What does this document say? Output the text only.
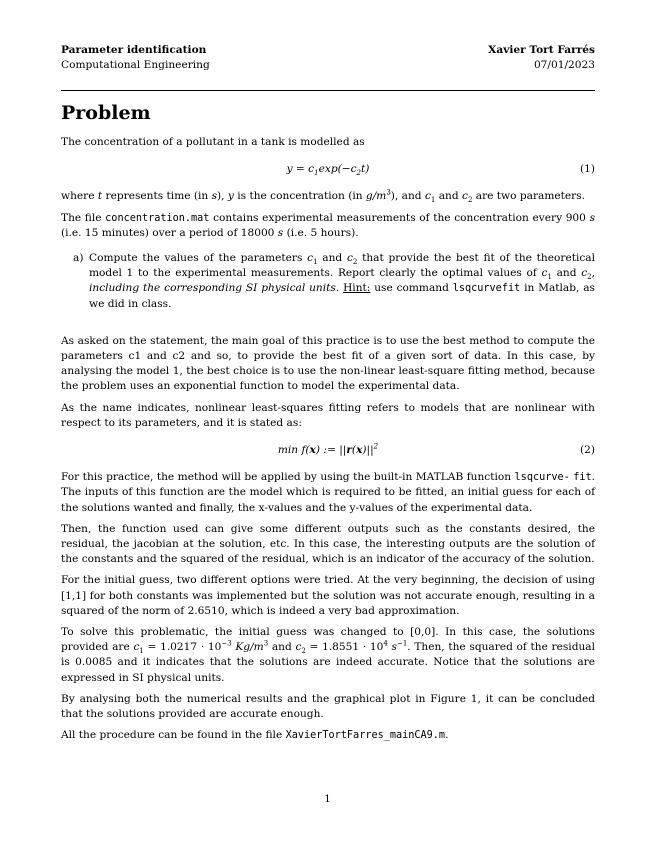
Parameter identification
Computational Engineering
Xavier Tort Farrés
07/01/2023
Problem

The concentration of a pollutant in a tank is modelled as

$y = c_1\exp(-c_2t)$	(1)

where t represents time (in s), y is the concentration (in $g/m^3$), and $c_1$ and $c_2$ are two parameters.

The file concentration.mat contains experimental measurements of the concentration every 900 s (i.e. 15 minutes) over a period of 18000 s (i.e. 5 hours).

a) Compute the values of the parameters $c_1$ and $c_2$ that provide the best fit of the theoretical model 1 to the experimental measurements. Report clearly the optimal values of $c_1$ and $c_2$, including the corresponding SI physical units. Hint: use command lsqcurvefit in Matlab, as we did in class.

As asked on the statement, the main goal of this practice is to use the best method to compute the parameters c1 and c2 and so, to provide the best fit of a given sort of data. In this case, by analysing the model 1, the best choice is to use the non-linear least-square fitting method, because the problem uses an exponential function to model the experimental data.

As the name indicates, nonlinear least-squares fitting refers to models that are nonlinear with respect to its parameters, and it is stated as:

min f(x) := $||r(x)||^2$	(2)

For this practice, the method will be applied by using the built-in MATLAB function lsqcurve- fit. The inputs of this function are the model which is required to be fitted, an initial guess for each of the solutions wanted and finally, the x-values and the y-values of the experimental data.

Then, the function used can give some different outputs such as the constants desired, the residual, the jacobian at the solution, etc. In this case, the interesting outputs are the solution of the constants and the squared of the residual, which is an indicator of the accuracy of the solution.

For the initial guess, two different options were tried. At the very beginning, the decision of using [1,1] for both constants was implemented but the solution was not accurate enough, resulting in a squared of the norm of 2.6510, which is indeed a very bad approximation.

To solve this problematic, the initial guess was changed to [0,0]. In this case, the solutions provided are $c_1 = 1.0217 \cdot 10^{-3}$ $Kg/m^3$ and $c_2 = 1.8551 \cdot 10^4$ $s^{-1}$. Then, the squared of the residual is 0.0085 and it indicates that the solutions are indeed accurate. Notice that the solutions are expressed in SI physical units.

By analysing both the numerical results and the graphical plot in Figure 1, it can be concluded that the solutions provided are accurate enough.

All the procedure can be found in the file XavierTortFarres_mainCA9.m.

1
